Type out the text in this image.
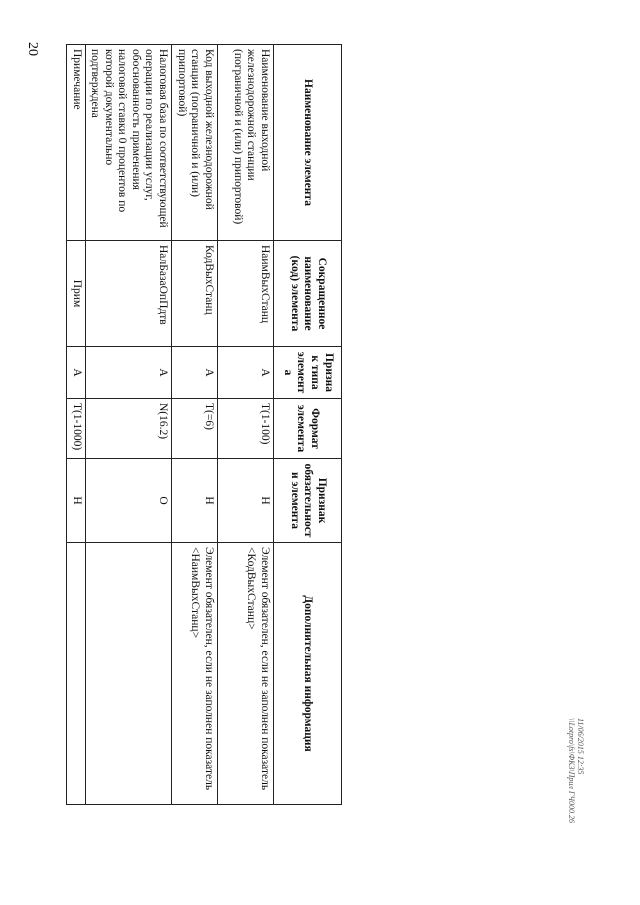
20
Наименование элемента	Сокращенное наименование (код) элемента	Признак типа элемента	Формат элемента	Признак обязательности элемента	Дополнительная информация
Наименование выходной железнодорожной станции (пограничной и (или) припортовой)	НаимВыхСтанц	А	T(1-100)	Н	Элемент обязателен, если не заполнен показатель <КодВыхСтанц>
Код выходной железнодорожной станции (пограничной и (или) припортовой)	КодВыхСтанц	А	T(=6)	Н	Элемент обязателен, если не заполнен показатель <НаимВыхСтанц>
Налоговая база по соответствующей операции по реализации услуг, обоснованность применения налоговой ставки 0 процентов по которой документально подтверждена	НалБазаОпПдтв	А	N(16.2)	О	
Примечание	Прим	А	T(1-1000)	Н	
11/06/2015 12:35
\\Lotpro\fs\ФКЗ\Прил ГЧ000.26
